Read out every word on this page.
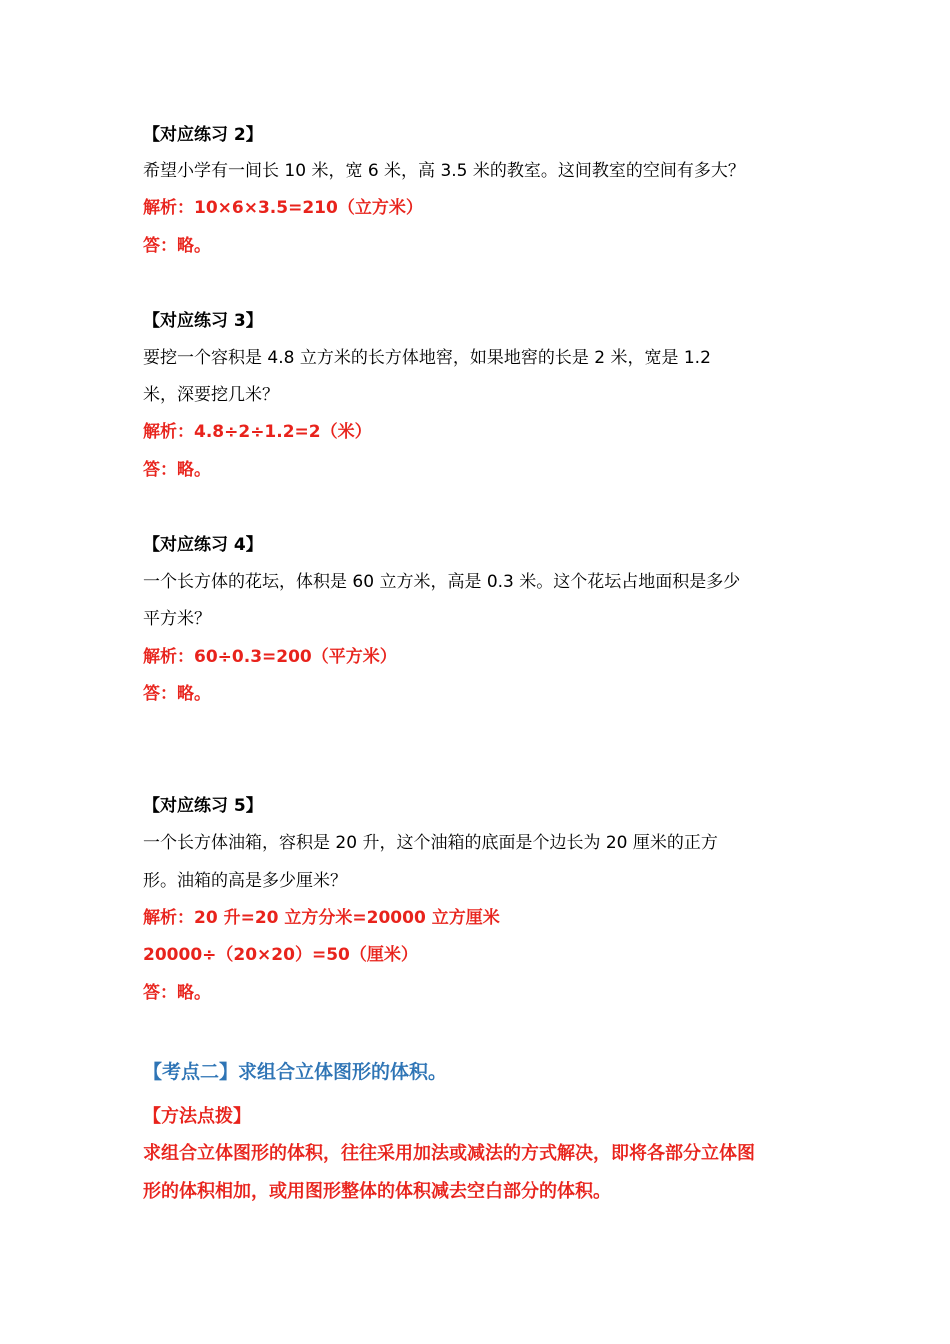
【对应练习 2】
希望小学有一间长 10 米，宽 6 米，高 3.5 米的教室。这间教室的空间有多大？
解析：10×6×3.5=210（立方米）
答：略。
【对应练习 3】
要挖一个容积是 4.8 立方米的长方体地窖，如果地窖的长是 2 米，宽是 1.2
米，深要挖几米？
解析：4.8÷2÷1.2=2（米）
答：略。
【对应练习 4】
一个长方体的花坛，体积是 60 立方米，高是 0.3 米。这个花坛占地面积是多少
平方米？
解析：60÷0.3=200（平方米）
答：略。
【对应练习 5】
一个长方体油箱，容积是 20 升，这个油箱的底面是个边长为 20 厘米的正方
形。油箱的高是多少厘米？
解析：20 升=20 立方分米=20000 立方厘米
20000÷（20×20）=50（厘米）
答：略。
【考点二】求组合立体图形的体积。
【方法点拨】
求组合立体图形的体积，往往采用加法或减法的方式解决，即将各部分立体图
形的体积相加，或用图形整体的体积减去空白部分的体积。
